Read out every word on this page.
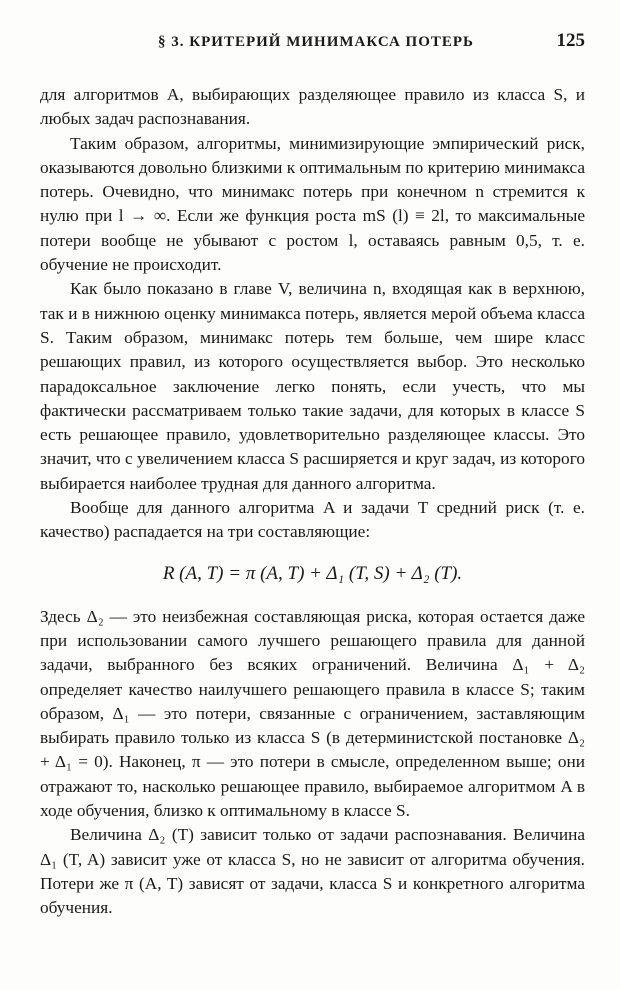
§ 3. КРИТЕРИЙ МИНИМАКСА ПОТЕРЬ	125

для алгоритмов A, выбирающих разделяющее правило из класса S, и любых задач распознавания.

Таким образом, алгоритмы, минимизирующие эмпирический риск, оказываются довольно близкими к оптимальным по критерию минимакса потерь. Очевидно, что минимакс потерь при конечном n стремится к нулю при l → ∞. Если же функция роста mS (l) ≡ 2l, то максимальные потери вообще не убывают с ростом l, оставаясь равным 0,5, т. е. обучение не происходит.

Как было показано в главе V, величина n, входящая как в верхнюю, так и в нижнюю оценку минимакса потерь, является мерой объема класса S. Таким образом, минимакс потерь тем больше, чем шире класс решающих правил, из которого осуществляется выбор. Это несколько парадоксальное заключение легко понять, если учесть, что мы фактически рассматриваем только такие задачи, для которых в классе S есть решающее правило, удовлетворительно разделяющее классы. Это значит, что с увеличением класса S расширяется и круг задач, из которого выбирается наиболее трудная для данного алгоритма.

Вообще для данного алгоритма A и задачи T средний риск (т. е. качество) распадается на три составляющие:

R (A, T) = π (A, T) + Δ₁ (T, S) + Δ₂ (T).

Здесь Δ₂ — это неизбежная составляющая риска, которая остается даже при использовании самого лучшего решающего правила для данной задачи, выбранного без всяких ограничений. Величина Δ₁ + Δ₂ определяет качество наилучшего решающего правила в классе S; таким образом, Δ₁ — это потери, связанные с ограничением, заставляющим выбирать правило только из класса S (в детерминистской постановке Δ₂ + Δ₁ = 0). Наконец, π — это потери в смысле, определенном выше; они отражают то, насколько решающее правило, выбираемое алгоритмом A в ходе обучения, близко к оптимальному в классе S.

Величина Δ₂ (T) зависит только от задачи распознавания. Величина Δ₁ (T, A) зависит уже от класса S, но не зависит от алгоритма обучения. Потери же π (A, T) зависят от задачи, класса S и конкретного алгоритма обучения.
